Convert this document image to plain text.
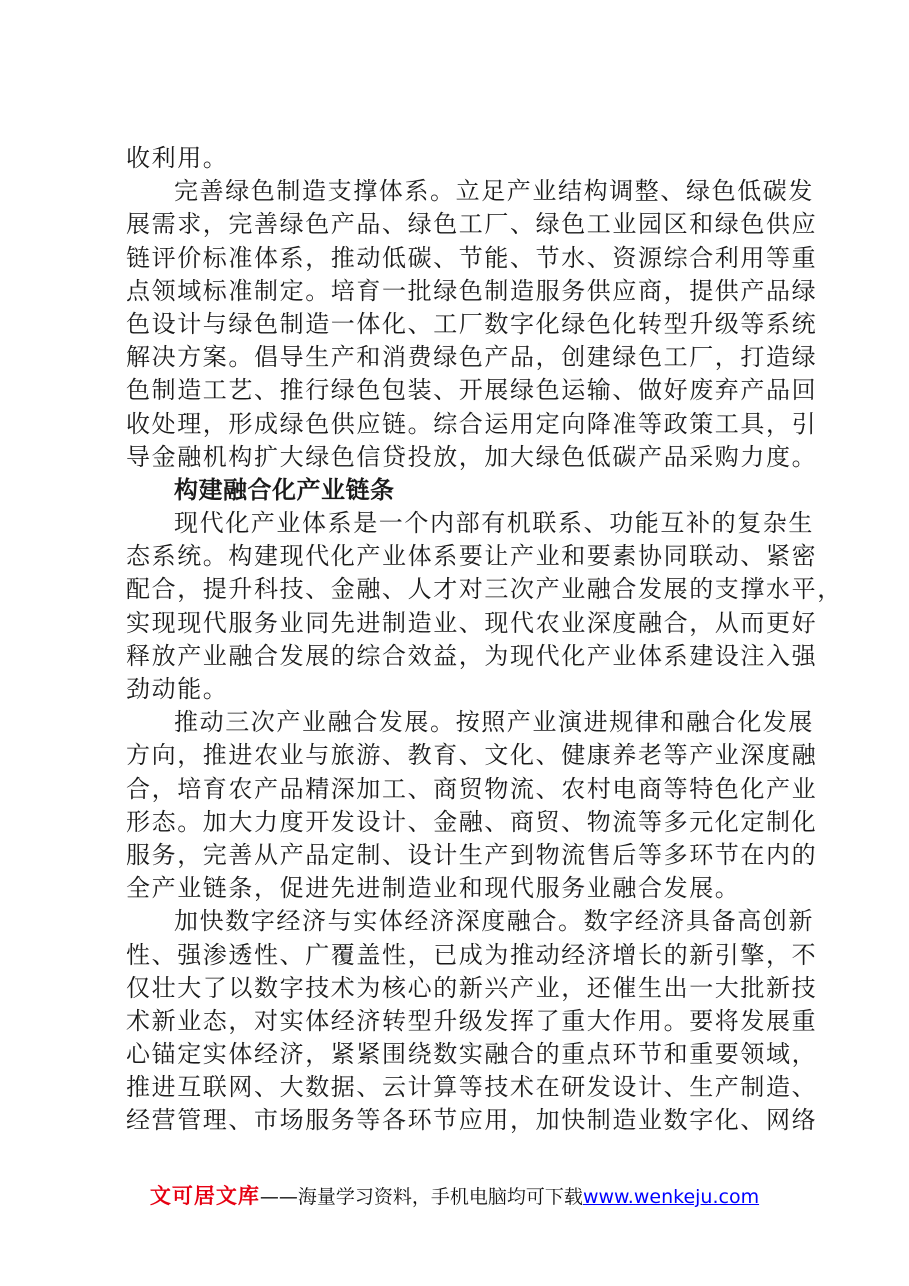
收利用。
完善绿色制造支撑体系。立足产业结构调整、绿色低碳发
展需求，完善绿色产品、绿色工厂、绿色工业园区和绿色供应
链评价标准体系，推动低碳、节能、节水、资源综合利用等重
点领域标准制定。培育一批绿色制造服务供应商，提供产品绿
色设计与绿色制造一体化、工厂数字化绿色化转型升级等系统
解决方案。倡导生产和消费绿色产品，创建绿色工厂，打造绿
色制造工艺、推行绿色包装、开展绿色运输、做好废弃产品回
收处理，形成绿色供应链。综合运用定向降准等政策工具，引
导金融机构扩大绿色信贷投放，加大绿色低碳产品采购力度。
构建融合化产业链条
现代化产业体系是一个内部有机联系、功能互补的复杂生
态系统。构建现代化产业体系要让产业和要素协同联动、紧密
配合，提升科技、金融、人才对三次产业融合发展的支撑水平，
实现现代服务业同先进制造业、现代农业深度融合，从而更好
释放产业融合发展的综合效益，为现代化产业体系建设注入强
劲动能。
推动三次产业融合发展。按照产业演进规律和融合化发展
方向，推进农业与旅游、教育、文化、健康养老等产业深度融
合，培育农产品精深加工、商贸物流、农村电商等特色化产业
形态。加大力度开发设计、金融、商贸、物流等多元化定制化
服务，完善从产品定制、设计生产到物流售后等多环节在内的
全产业链条，促进先进制造业和现代服务业融合发展。
加快数字经济与实体经济深度融合。数字经济具备高创新
性、强渗透性、广覆盖性，已成为推动经济增长的新引擎，不
仅壮大了以数字技术为核心的新兴产业，还催生出一大批新技
术新业态，对实体经济转型升级发挥了重大作用。要将发展重
心锚定实体经济，紧紧围绕数实融合的重点环节和重要领域，
推进互联网、大数据、云计算等技术在研发设计、生产制造、
经营管理、市场服务等各环节应用，加快制造业数字化、网络
文可居文库——海量学习资料，手机电脑均可下载www.wenkeju.com
